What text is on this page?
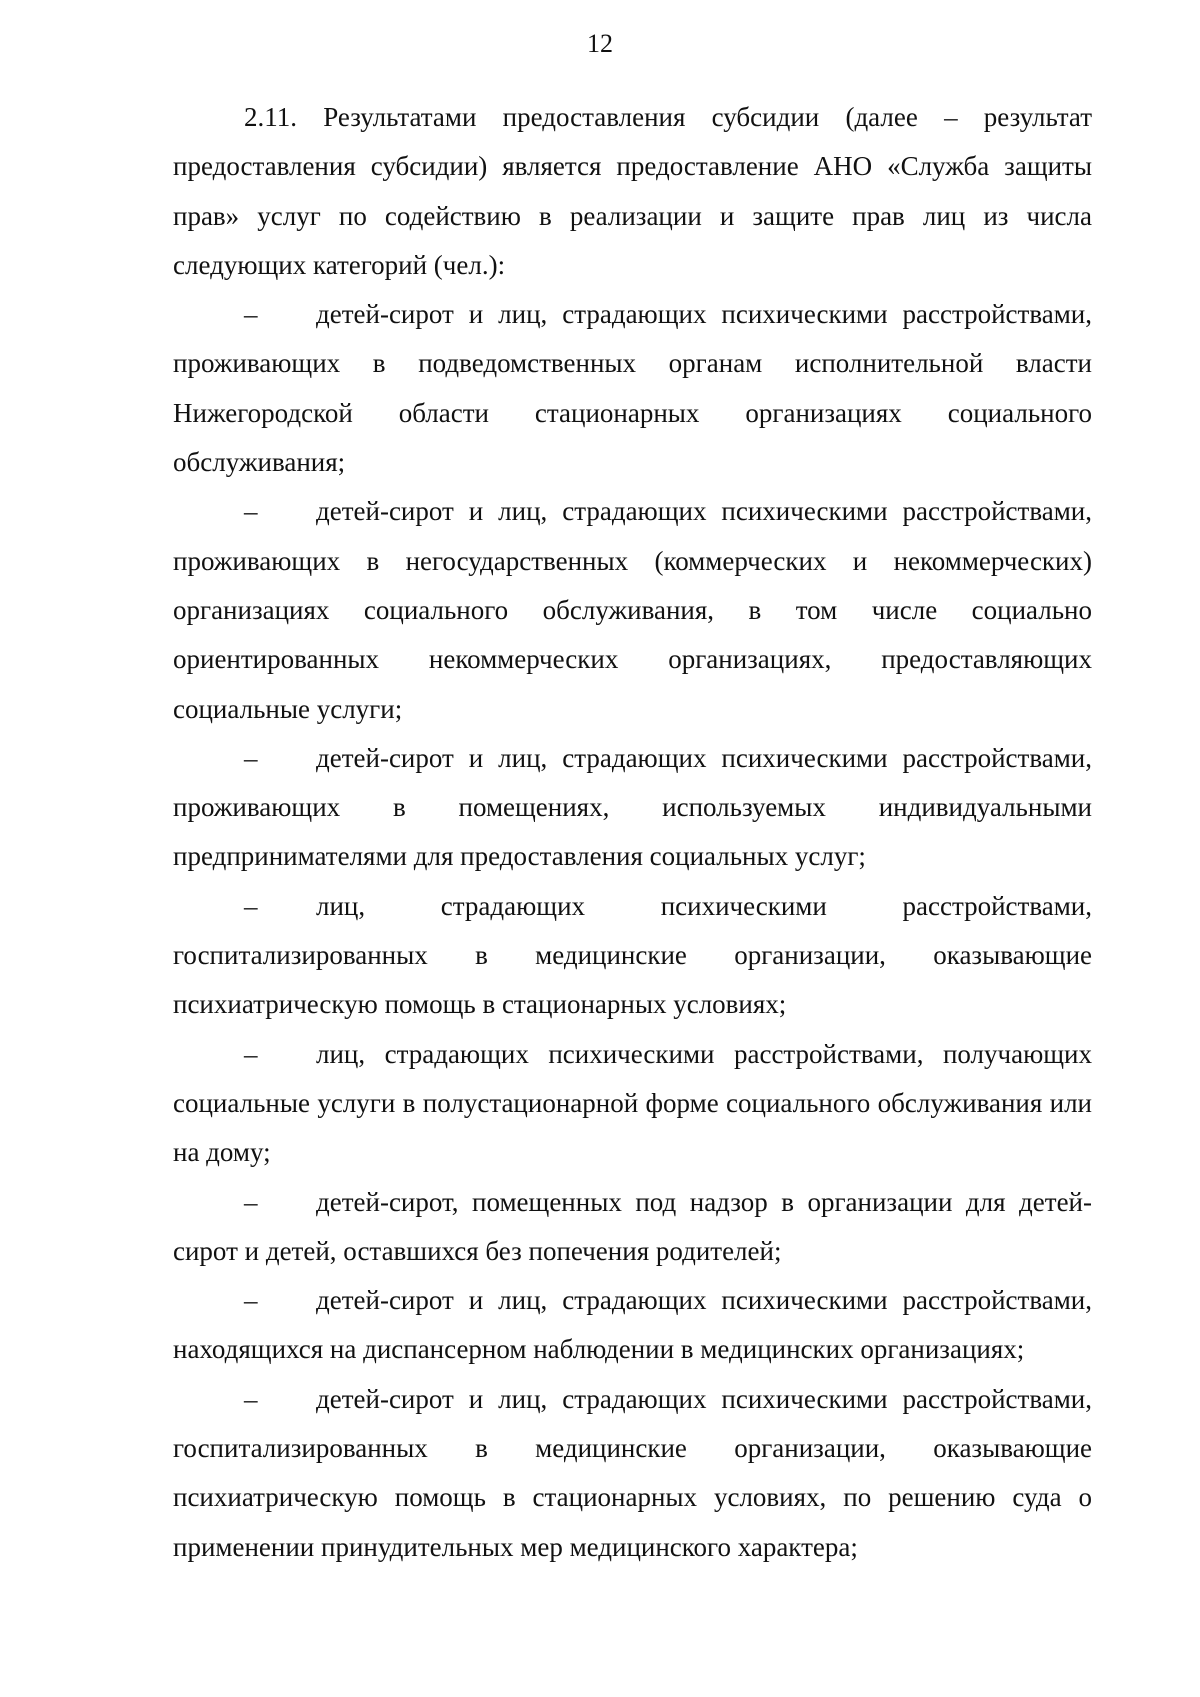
12

2.11. Результатами предоставления субсидии (далее – результат предоставления субсидии) является предоставление АНО «Служба защиты прав» услуг по содействию в реализации и защите прав лиц из числа следующих категорий (чел.):

– детей-сирот и лиц, страдающих психическими расстройствами, проживающих в подведомственных органам исполнительной власти Нижегородской области стационарных организациях социального обслуживания;

– детей-сирот и лиц, страдающих психическими расстройствами, проживающих в негосударственных (коммерческих и некоммерческих) организациях социального обслуживания, в том числе социально ориентированных некоммерческих организациях, предоставляющих социальные услуги;

– детей-сирот и лиц, страдающих психическими расстройствами, проживающих в помещениях, используемых индивидуальными предпринимателями для предоставления социальных услуг;

– лиц, страдающих психическими расстройствами, госпитализированных в медицинские организации, оказывающие психиатрическую помощь в стационарных условиях;

– лиц, страдающих психическими расстройствами, получающих социальные услуги в полустационарной форме социального обслуживания или на дому;

– детей-сирот, помещенных под надзор в организации для детей-сирот и детей, оставшихся без попечения родителей;

– детей-сирот и лиц, страдающих психическими расстройствами, находящихся на диспансерном наблюдении в медицинских организациях;

– детей-сирот и лиц, страдающих психическими расстройствами, госпитализированных в медицинские организации, оказывающие психиатрическую помощь в стационарных условиях, по решению суда о применении принудительных мер медицинского характера;
